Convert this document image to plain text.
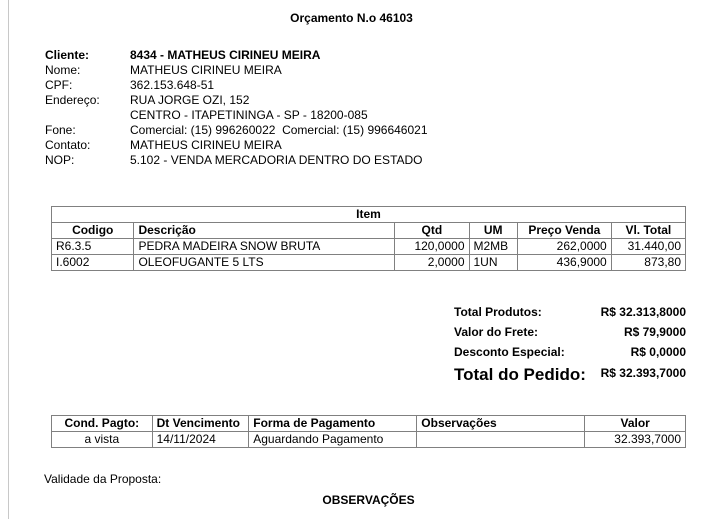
Orçamento N.o 46103
Cliente:	8434 - MATHEUS CIRINEU MEIRA
Nome:	MATHEUS CIRINEU MEIRA
CPF:	362.153.648-51
Endereço:	RUA JORGE OZI, 152
CENTRO - ITAPETININGA - SP - 18200-085
Fone:	Comercial: (15) 996260022  Comercial: (15) 996646021
Contato:	MATHEUS CIRINEU MEIRA
NOP:	5.102 - VENDA MERCADORIA DENTRO DO ESTADO
Item					
Codigo	Descrição	Qtd	UM	Preço Venda	Vl. Total
R6.3.5	PEDRA MADEIRA SNOW BRUTA	120,0000	M2MB	262,0000	31.440,00
I.6002	OLEOFUGANTE 5 LTS	2,0000	1UN	436,9000	873,80
Total Produtos:	R$ 32.313,8000
Valor do Frete:	R$ 79,9000
Desconto Especial:	R$ 0,0000
Total do Pedido: R$ 32.393,7000
Cond. Pagto:	Dt Vencimento	Forma de Pagamento	Observações	Valor
a vista	14/11/2024	Aguardando Pagamento		32.393,7000
Validade da Proposta:
OBSERVAÇÕES
